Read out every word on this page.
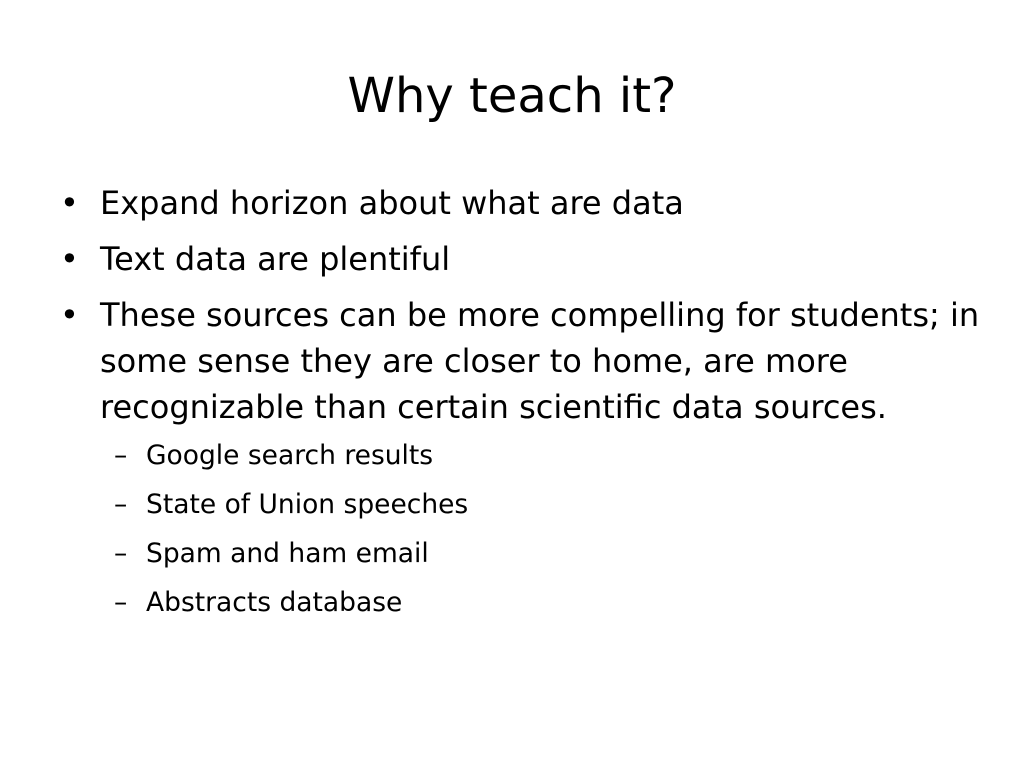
Why teach it?
• Expand horizon about what are data
• Text data are plentiful
• These sources can be more compelling for students; in some sense they are closer to home, are more recognizable than certain scientific data sources.
– Google search results
– State of Union speeches
– Spam and ham email
– Abstracts database
